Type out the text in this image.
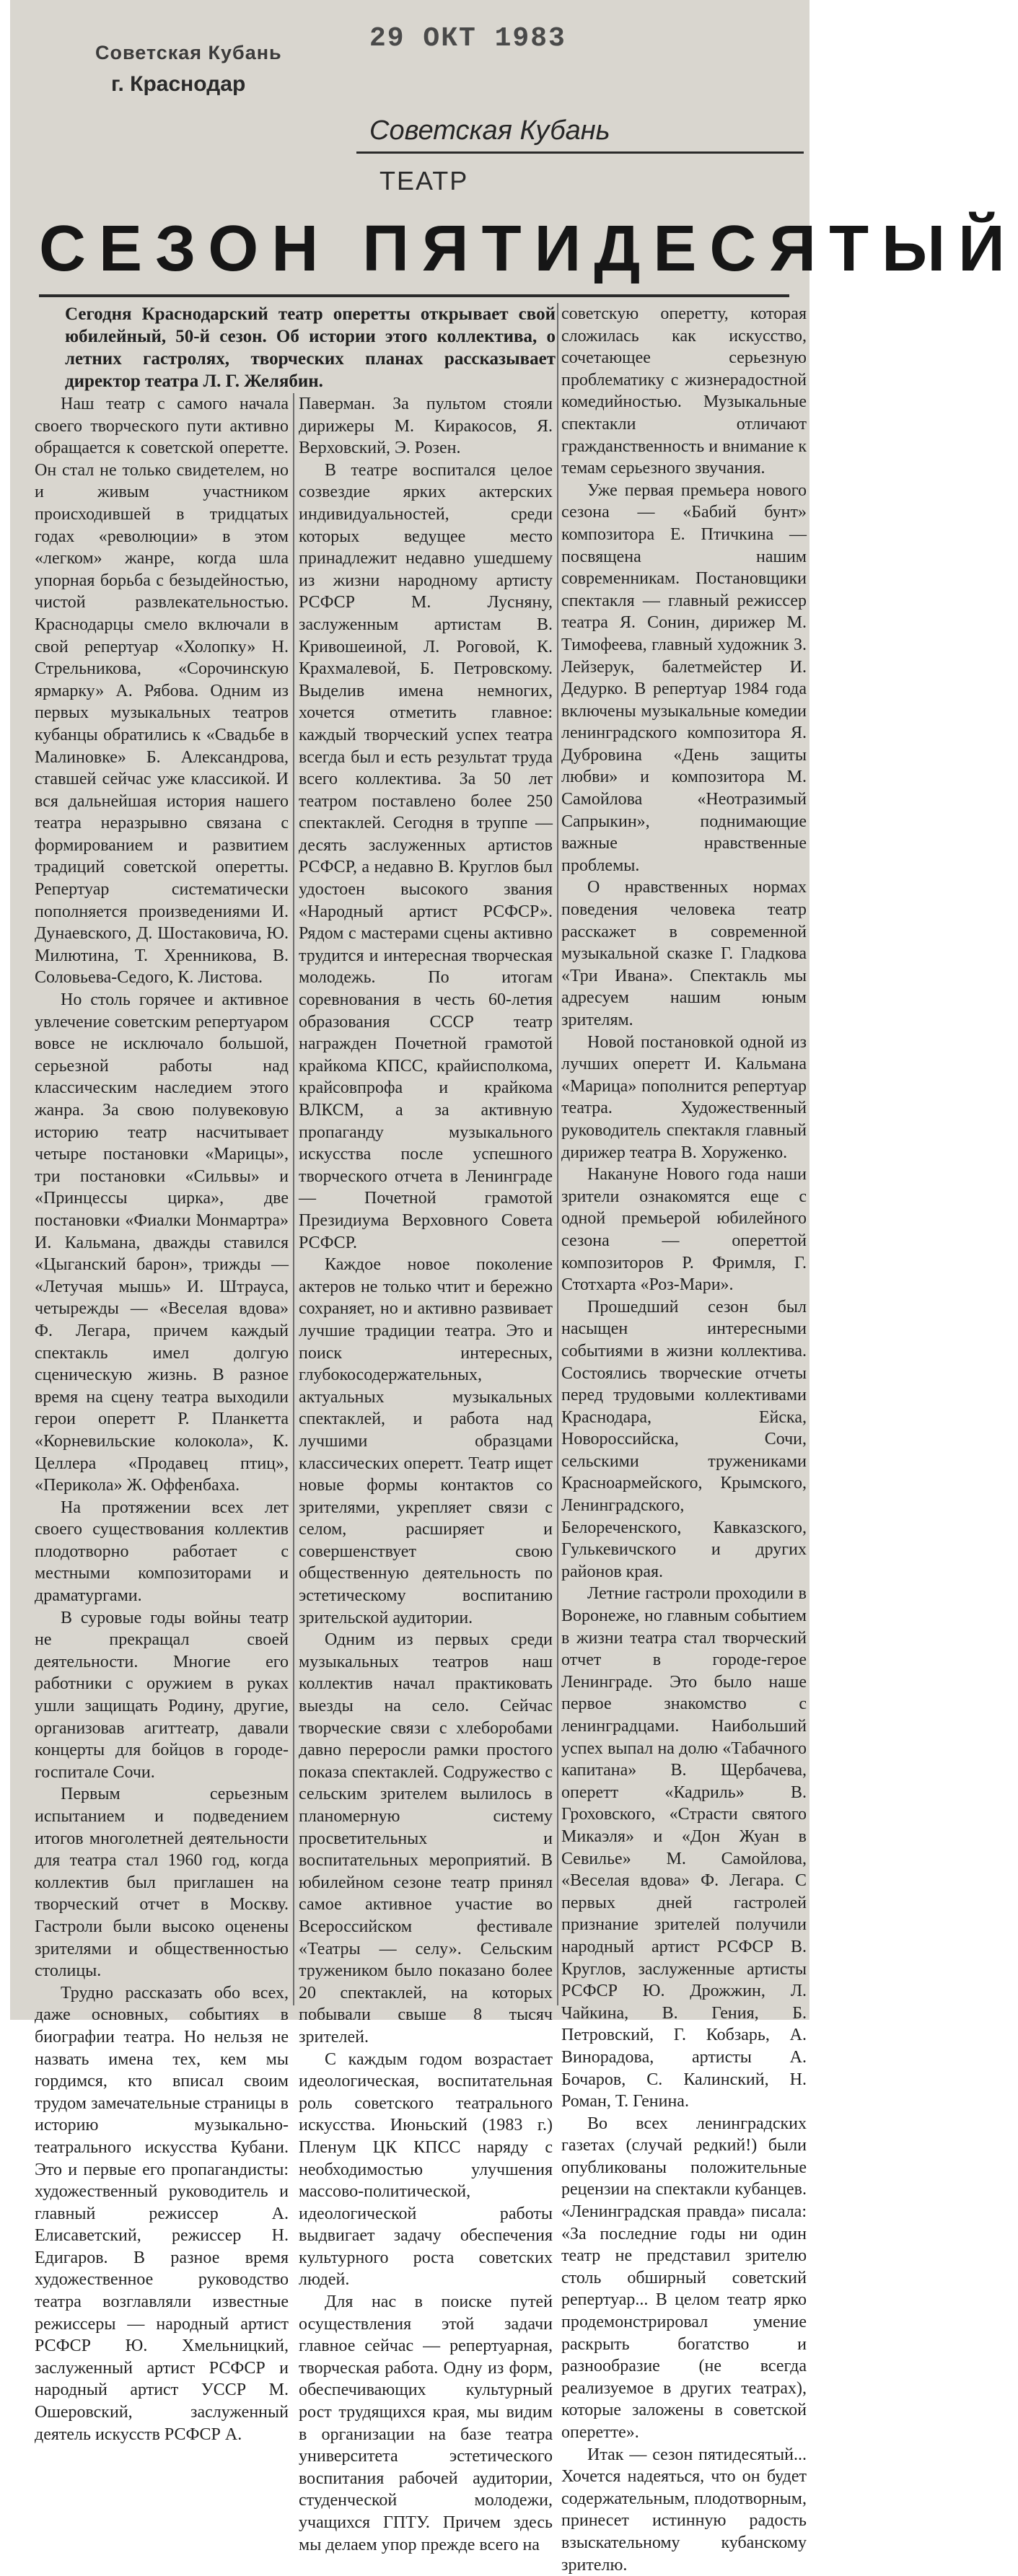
29 ОКТ 1983
Советская Кубань
г. Краснодар
Советская Кубань
ТЕАТР
СЕЗОН ПЯТИДЕСЯТЫЙ
Сегодня Краснодарский театр оперетты открывает свой юбилейный, 50-й сезон. Об истории этого коллектива, о летних гастролях, творческих планах рассказывает директор театра Л. Г. Желябин.

Наш театр с самого начала своего творческого пути активно обращается к советской оперетте. Он стал не только свидетелем, но и живым участником происходившей в тридцатых годах «революции» в этом «легком» жанре, когда шла упорная борьба с безыдейностью, чистой развлекательностью. Краснодарцы смело включали в свой репертуар «Холопку» Н. Стрельникова, «Сорочинскую ярмарку» А. Рябова. Одним из первых музыкальных театров кубанцы обратились к «Свадьбе в Малиновке» Б. Александрова, ставшей сейчас уже классикой. И вся дальнейшая история нашего театра неразрывно связана с формированием и развитием традиций советской оперетты. Репертуар систематически пополняется произведениями И. Дунаевского, Д. Шостаковича, Ю. Милютина, Т. Хренникова, В. Соловьева-Седого, К. Листова.

Но столь горячее и активное увлечение советским репертуаром вовсе не исключало большой, серьезной работы над классическим наследием этого жанра. За свою полувековую историю театр насчитывает четыре постановки «Марицы», три постановки «Сильвы» и «Принцессы цирка», две постановки «Фиалки Монмартра» И. Кальмана, дважды ставился «Цыганский барон», трижды — «Летучая мышь» И. Штрауса, четырежды — «Веселая вдова» Ф. Легара, причем каждый спектакль имел долгую сценическую жизнь. В разное время на сцену театра выходили герои оперетт Р. Планкетта «Корневильские колокола», К. Целлера «Продавец птиц», «Перикола» Ж. Оффенбаха.

На протяжении всех лет своего существования коллектив плодотворно работает с местными композиторами и драматургами.

В суровые годы войны театр не прекращал своей деятельности. Многие его работники с оружием в руках ушли защищать Родину, другие, организовав агиттеатр, давали концерты для бойцов в городе-госпитале Сочи.

Первым серьезным испытанием и подведением итогов многолетней деятельности для театра стал 1960 год, когда коллектив был приглашен на творческий отчет в Москву. Гастроли были высоко оценены зрителями и общественностью столицы.

Трудно рассказать обо всех, даже основных, событиях в биографии театра. Но нельзя не назвать имена тех, кем мы гордимся, кто вписал своим трудом замечательные страницы в историю музыкально-театрального искусства Кубани. Это и первые его пропагандисты: художественный руководитель и главный режиссер А. Елисаветский, режиссер Н. Едигаров. В разное время художественное руководство театра возглавляли известные режиссеры — народный артист РСФСР Ю. Хмельницкий, заслуженный артист РСФСР и народный артист УССР М. Ошеровский, заслуженный деятель искусств РСФСР А.

Паверман. За пультом стояли дирижеры М. Киракосов, Я. Верховский, Э. Розен.

В театре воспитался целое созвездие ярких актерских индивидуальностей, среди которых ведущее место принадлежит недавно ушедшему из жизни народному артисту РСФСР М. Лусняну, заслуженным артистам В. Кривошеиной, Л. Роговой, К. Крахмалевой, Б. Петровскому. Выделив имена немногих, хочется отметить главное: каждый творческий успех театра всегда был и есть результат труда всего коллектива. За 50 лет театром поставлено более 250 спектаклей. Сегодня в труппе — десять заслуженных артистов РСФСР, а недавно В. Круглов был удостоен высокого звания «Народный артист РСФСР». Рядом с мастерами сцены активно трудится и интересная творческая молодежь. По итогам соревнования в честь 60-летия образования СССР театр награжден Почетной грамотой крайкома КПСС, крайисполкома, крайсовпрофа и крайкома ВЛКСМ, а за активную пропаганду музыкального искусства после успешного творческого отчета в Ленинграде — Почетной грамотой Президиума Верховного Совета РСФСР.

Каждое новое поколение актеров не только чтит и бережно сохраняет, но и активно развивает лучшие традиции театра. Это и поиск интересных, глубокосодержательных, актуальных музыкальных спектаклей, и работа над лучшими образцами классических оперетт. Театр ищет новые формы контактов со зрителями, укрепляет связи с селом, расширяет и совершенствует свою общественную деятельность по эстетическому воспитанию зрительской аудитории.

Одним из первых среди музыкальных театров наш коллектив начал практиковать выезды на село. Сейчас творческие связи с хлеборобами давно переросли рамки простого показа спектаклей. Содружество с сельским зрителем вылилось в планомерную систему просветительных и воспитательных мероприятий. В юбилейном сезоне театр принял самое активное участие во Всероссийском фестивале «Театры — селу». Сельским тружеником было показано более 20 спектаклей, на которых побывали свыше 8 тысяч зрителей.

С каждым годом возрастает идеологическая, воспитательная роль советского театрального искусства. Июньский (1983 г.) Пленум ЦК КПСС наряду с необходимостью улучшения массово-политической, идеологической работы выдвигает задачу обеспечения культурного роста советских людей.

Для нас в поиске путей осуществления этой задачи главное сейчас — репертуарная, творческая работа. Одну из форм, обеспечивающих культурный рост трудящихся края, мы видим в организации на базе театра университета эстетического воспитания рабочей аудитории, студенческой молодежи, учащихся ГПТУ. Причем здесь мы делаем упор прежде всего на

советскую оперетту, которая сложилась как искусство, сочетающее серьезную проблематику с жизнерадостной комедийностью. Музыкальные спектакли отличают гражданственность и внимание к темам серьезного звучания.

Уже первая премьера нового сезона — «Бабий бунт» композитора Е. Птичкина — посвящена нашим современникам. Постановщики спектакля — главный режиссер театра Я. Сонин, дирижер М. Тимофеева, главный художник З. Лейзерук, балетмейстер И. Дедурко. В репертуар 1984 года включены музыкальные комедии ленинградского композитора Я. Дубровина «День защиты любви» и композитора М. Самойлова «Неотразимый Сапрыкин», поднимающие важные нравственные проблемы.

О нравственных нормах поведения человека театр расскажет в современной музыкальной сказке Г. Гладкова «Три Ивана». Спектакль мы адресуем нашим юным зрителям.

Новой постановкой одной из лучших оперетт И. Кальмана «Марица» пополнится репертуар театра. Художественный руководитель спектакля главный дирижер театра В. Хоруженко.

Накануне Нового года наши зрители ознакомятся еще с одной премьерой юбилейного сезона — опереттой композиторов Р. Фримля, Г. Стотхарта «Роз-Мари».

Прошедший сезон был насыщен интересными событиями в жизни коллектива. Состоялись творческие отчеты перед трудовыми коллективами Краснодара, Ейска, Новороссийска, Сочи, сельскими тружениками Красноармейского, Крымского, Ленинградского, Белореченского, Кавказского, Гулькевичского и других районов края.

Летние гастроли проходили в Воронеже, но главным событием в жизни театра стал творческий отчет в городе-герое Ленинграде. Это было наше первое знакомство с ленинградцами. Наибольший успех выпал на долю «Табачного капитана» В. Щербачева, оперетт «Кадриль» В. Гроховского, «Страсти святого Микаэля» и «Дон Жуан в Севилье» М. Самойлова, «Веселая вдова» Ф. Легара. С первых дней гастролей признание зрителей получили народный артист РСФСР В. Круглов, заслуженные артисты РСФСР Ю. Дрожжин, Л. Чайкина, В. Гения, Б. Петровский, Г. Кобзарь, А. Винорадова, артисты А. Бочаров, С. Калинский, Н. Роман, Т. Генина.

Во всех ленинградских газетах (случай редкий!) были опубликованы положительные рецензии на спектакли кубанцев. «Ленинградская правда» писала: «За последние годы ни один театр не представил зрителю столь обширный советский репертуар... В целом театр ярко продемонстрировал умение раскрыть богатство и разнообразие (не всегда реализуемое в других театрах), которые заложены в советской оперетте».

Итак — сезон пятидесятый... Хочется надеяться, что он будет содержательным, плодотворным, принесет истинную радость взыскательному кубанскому зрителю.
